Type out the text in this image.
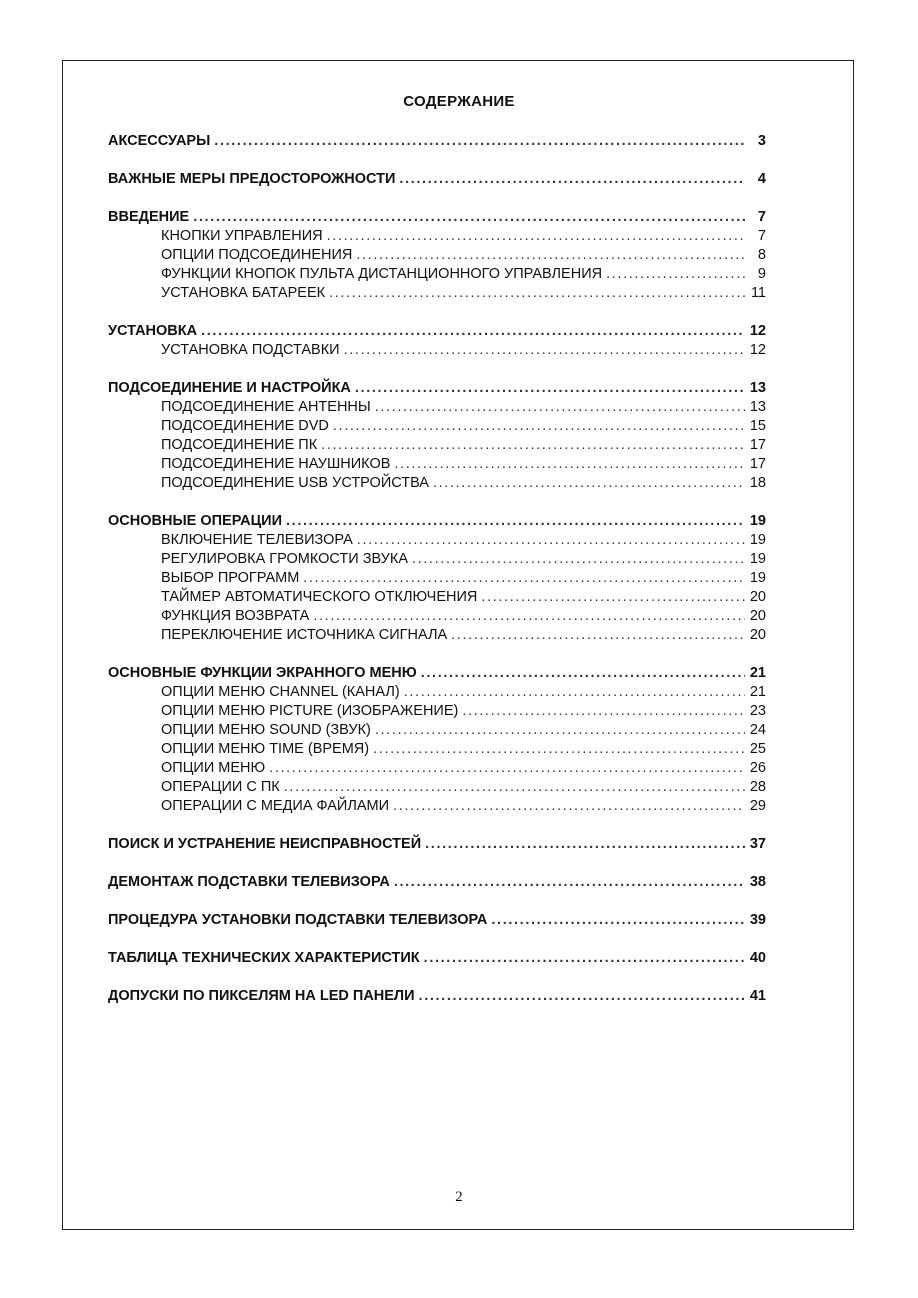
СОДЕРЖАНИЕ
АКСЕССУАРЫ . . .	3
ВАЖНЫЕ МЕРЫ ПРЕДОСТОРОЖНОСТИ . . .	4
ВВЕДЕНИЕ . . .	7
КНОПКИ УПРАВЛЕНИЯ . . .	7
ОПЦИИ ПОДСОЕДИНЕНИЯ . . .	8
ФУНКЦИИ КНОПОК ПУЛЬТА ДИСТАНЦИОННОГО УПРАВЛЕНИЯ . . .	9
УСТАНОВКА БАТАРЕЕК . . .	11
УСТАНОВКА . . .	12
УСТАНОВКА ПОДСТАВКИ . . .	12
ПОДСОЕДИНЕНИЕ И НАСТРОЙКА . . .	13
ПОДСОЕДИНЕНИЕ АНТЕННЫ . . .	13
ПОДСОЕДИНЕНИЕ DVD . . .	15
ПОДСОЕДИНЕНИЕ ПК . . .	17
ПОДСОЕДИНЕНИЕ НАУШНИКОВ . . .	17
ПОДСОЕДИНЕНИЕ USB УСТРОЙСТВА . . .	18
ОСНОВНЫЕ ОПЕРАЦИИ . . .	19
ВКЛЮЧЕНИЕ ТЕЛЕВИЗОРА . . .	19
РЕГУЛИРОВКА ГРОМКОСТИ ЗВУКА . . .	19
ВЫБОР ПРОГРАММ . . .	19
ТАЙМЕР АВТОМАТИЧЕСКОГО ОТКЛЮЧЕНИЯ . . .	20
ФУНКЦИЯ ВОЗВРАТА . . .	20
ПЕРЕКЛЮЧЕНИЕ ИСТОЧНИКА СИГНАЛА . . .	20
ОСНОВНЫЕ ФУНКЦИИ ЭКРАННОГО МЕНЮ . . .	21
ОПЦИИ МЕНЮ CHANNEL (КАНАЛ) . . .	21
ОПЦИИ МЕНЮ PICTURE (ИЗОБРАЖЕНИЕ) . . .	23
ОПЦИИ МЕНЮ SOUND (ЗВУК) . . .	24
ОПЦИИ МЕНЮ TIME (ВРЕМЯ) . . .	25
ОПЦИИ МЕНЮ . . .	26
ОПЕРАЦИИ С ПК . . .	28
ОПЕРАЦИИ С МЕДИА ФАЙЛАМИ . . .	29
ПОИСК И УСТРАНЕНИЕ НЕИСПРАВНОСТЕЙ . . .	37
ДЕМОНТАЖ ПОДСТАВКИ ТЕЛЕВИЗОРА . . .	38
ПРОЦЕДУРА УСТАНОВКИ ПОДСТАВКИ ТЕЛЕВИЗОРА . . .	39
ТАБЛИЦА ТЕХНИЧЕСКИХ ХАРАКТЕРИСТИК . . .	40
ДОПУСКИ ПО ПИКСЕЛЯМ НА LED ПАНЕЛИ . . .	41
2
